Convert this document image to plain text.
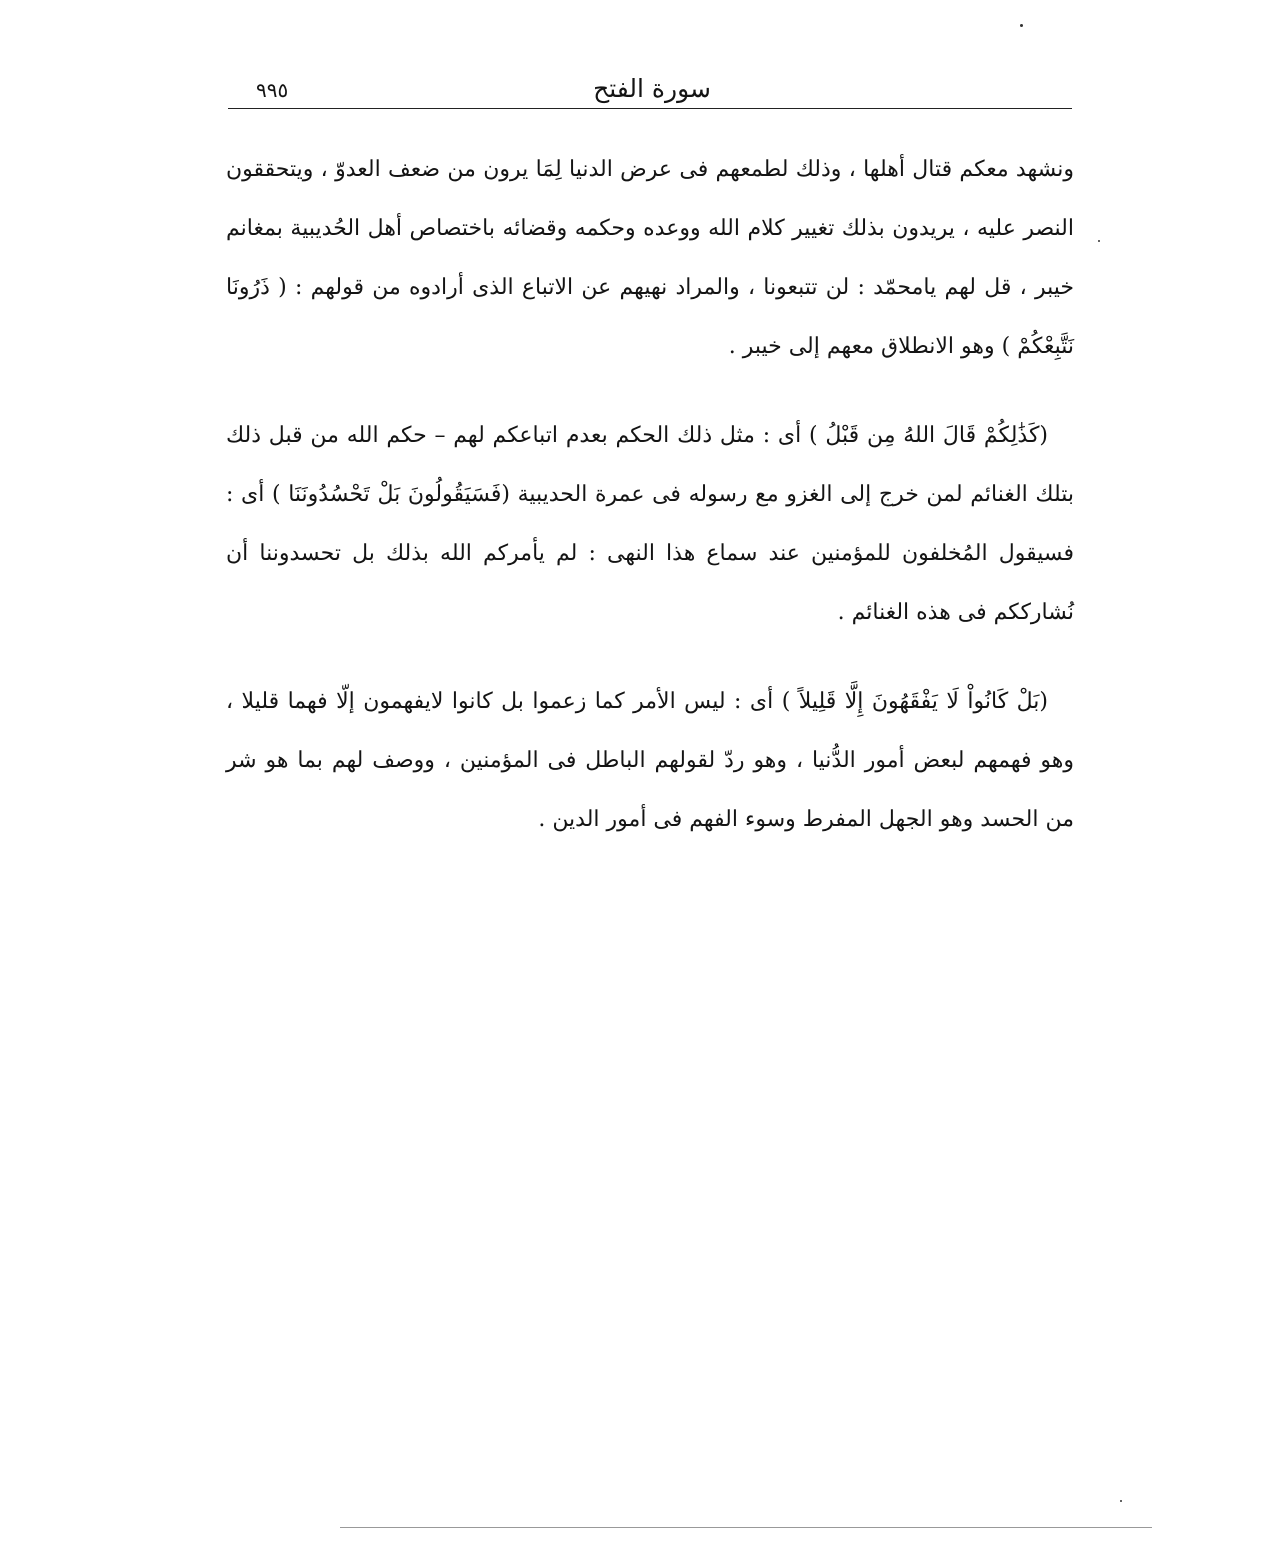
سورة الفتح
٩٩٥

ونشهد معكم قتال أهلها ، وذلك لطمعهم فى عرض الدنيا لِمَا يرون من ضعف العدوّ ، ويتحققون النصر عليه ، يريدون بذلك تغيير كلام الله ووعده وحكمه وقضائه باختصاص أهل الحُديبية بمغانم خيبر ، قل لهم يامحمّد : لن تتبعونا ، والمراد نهيهم عن الاتباع الذى أرادوه من قولهم : ( ذَرُونَا نَتَّبِعْكُمْ ) وهو الانطلاق معهم إلى خيبر .

(كَذَٰلِكُمْ قَالَ اللهُ مِن قَبْلُ ) أى : مثل ذلك الحكم بعدم اتباعكم لهم – حكم الله من قبل ذلك بتلك الغنائم لمن خرج إلى الغزو مع رسوله فى عمرة الحديبية (فَسَيَقُولُونَ بَلْ تَحْسُدُونَنَا ) أى : فسيقول المُخلفون للمؤمنين عند سماع هذا النهى : لم يأمركم الله بذلك بل تحسدوننا أن نُشارككم فى هذه الغنائم .

(بَلْ كَانُواْ لَا يَفْقَهُونَ إِلَّا قَلِيلاً ) أى : ليس الأمر كما زعموا بل كانوا لايفهمون إلّا فهما قليلا ، وهو فهمهم لبعض أمور الدُّنيا ، وهو ردّ لقولهم الباطل فى المؤمنين ، ووصف لهم بما هو شر من الحسد وهو الجهل المفرط وسوء الفهم فى أمور الدين .
